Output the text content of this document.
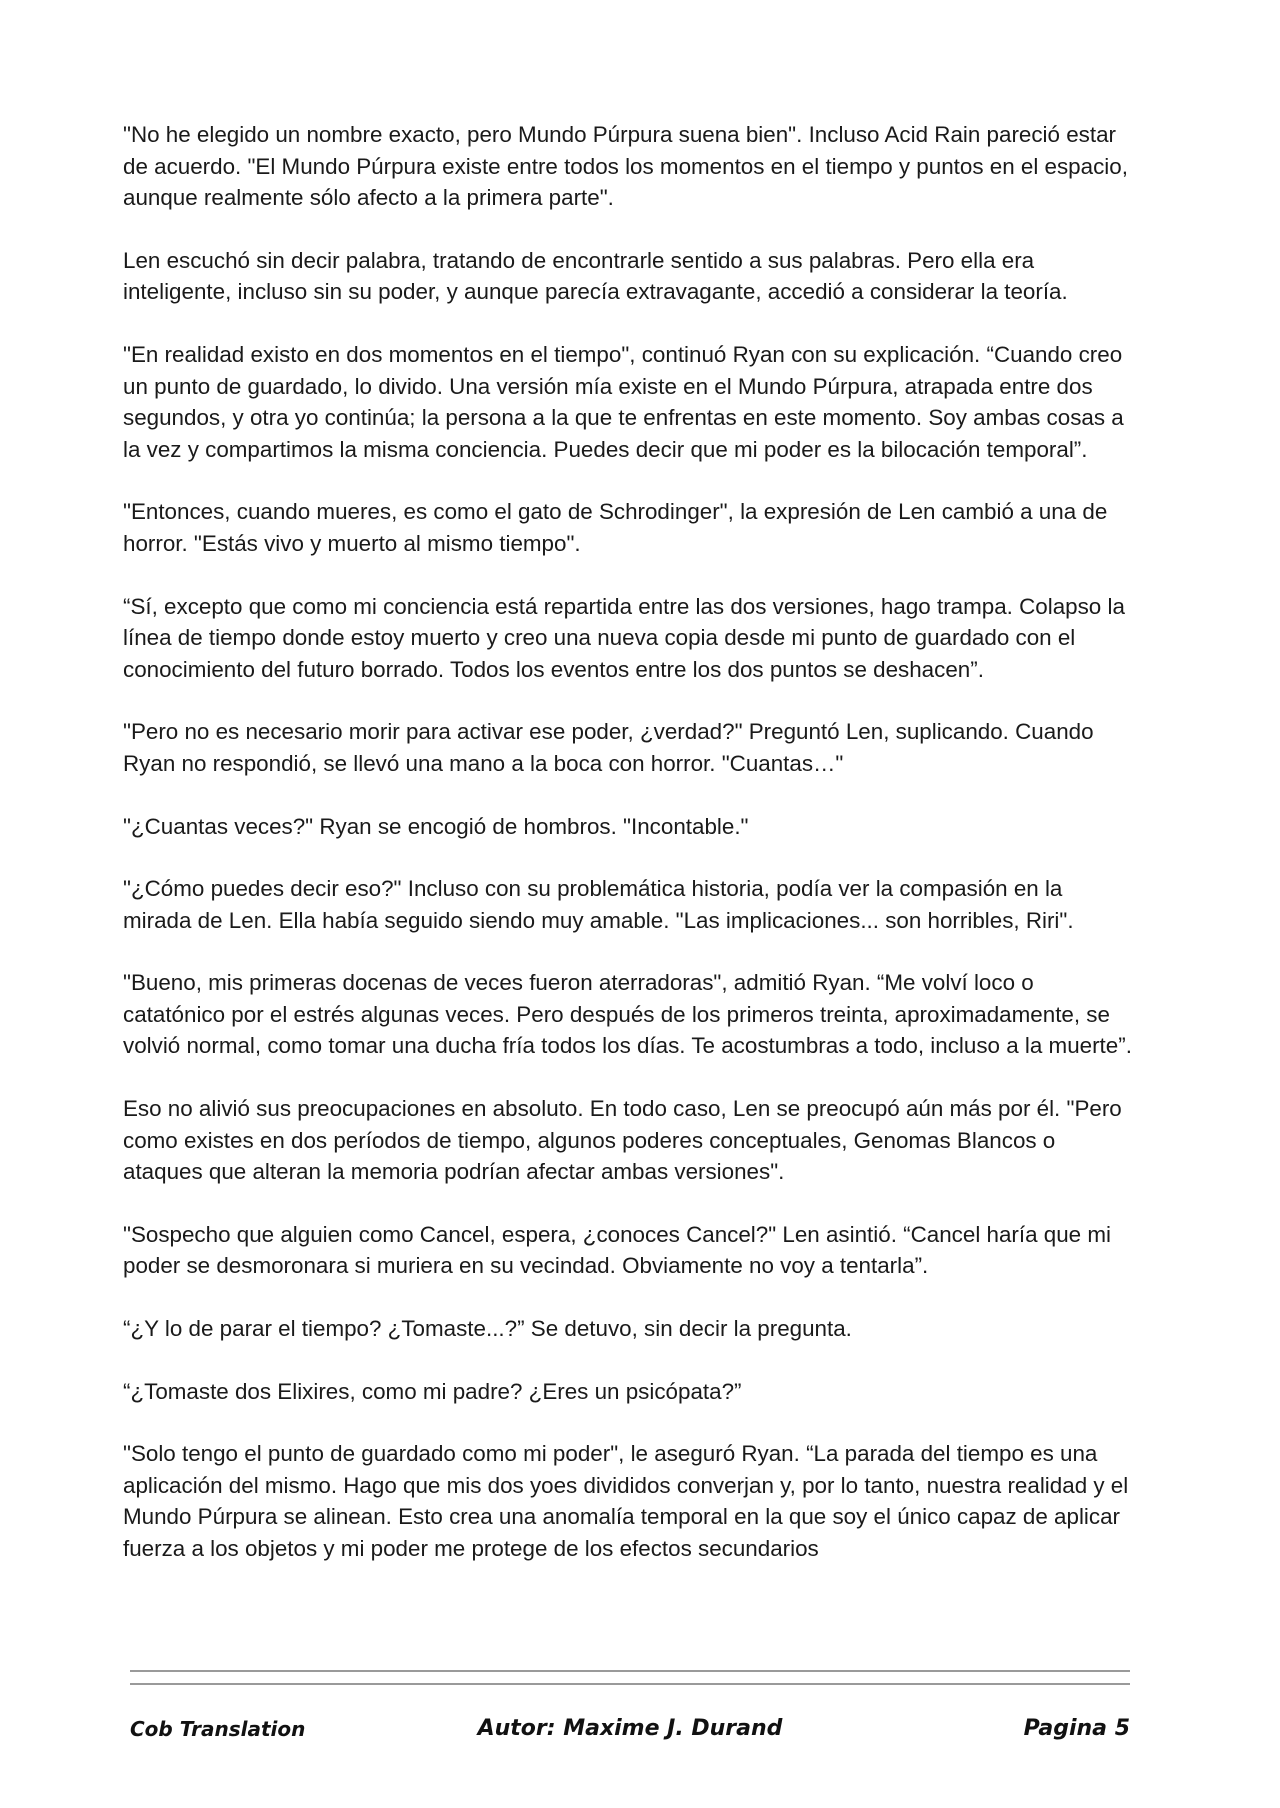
"No he elegido un nombre exacto, pero Mundo Púrpura suena bien". Incluso Acid Rain pareció estar de acuerdo. "El Mundo Púrpura existe entre todos los momentos en el tiempo y puntos en el espacio, aunque realmente sólo afecto a la primera parte".

Len escuchó sin decir palabra, tratando de encontrarle sentido a sus palabras. Pero ella era inteligente, incluso sin su poder, y aunque parecía extravagante, accedió a considerar la teoría.

"En realidad existo en dos momentos en el tiempo", continuó Ryan con su explicación. “Cuando creo un punto de guardado, lo divido. Una versión mía existe en el Mundo Púrpura, atrapada entre dos segundos, y otra yo continúa; la persona a la que te enfrentas en este momento. Soy ambas cosas a la vez y compartimos la misma conciencia. Puedes decir que mi poder es la bilocación temporal”.

"Entonces, cuando mueres, es como el gato de Schrodinger", la expresión de Len cambió a una de horror. "Estás vivo y muerto al mismo tiempo".

“Sí, excepto que como mi conciencia está repartida entre las dos versiones, hago trampa. Colapso la línea de tiempo donde estoy muerto y creo una nueva copia desde mi punto de guardado con el conocimiento del futuro borrado. Todos los eventos entre los dos puntos se deshacen”.

"Pero no es necesario morir para activar ese poder, ¿verdad?" Preguntó Len, suplicando. Cuando Ryan no respondió, se llevó una mano a la boca con horror. "Cuantas…"

"¿Cuantas veces?" Ryan se encogió de hombros. "Incontable."

"¿Cómo puedes decir eso?" Incluso con su problemática historia, podía ver la compasión en la mirada de Len. Ella había seguido siendo muy amable. "Las implicaciones... son horribles, Riri".

"Bueno, mis primeras docenas de veces fueron aterradoras", admitió Ryan. “Me volví loco o catatónico por el estrés algunas veces. Pero después de los primeros treinta, aproximadamente, se volvió normal, como tomar una ducha fría todos los días. Te acostumbras a todo, incluso a la muerte”.

Eso no alivió sus preocupaciones en absoluto. En todo caso, Len se preocupó aún más por él. "Pero como existes en dos períodos de tiempo, algunos poderes conceptuales, Genomas Blancos o ataques que alteran la memoria podrían afectar ambas versiones".

"Sospecho que alguien como Cancel, espera, ¿conoces Cancel?" Len asintió. “Cancel haría que mi poder se desmoronara si muriera en su vecindad. Obviamente no voy a tentarla”.

“¿Y lo de parar el tiempo? ¿Tomaste...?” Se detuvo, sin decir la pregunta.

“¿Tomaste dos Elixires, como mi padre? ¿Eres un psicópata?”

"Solo tengo el punto de guardado como mi poder", le aseguró Ryan. “La parada del tiempo es una aplicación del mismo. Hago que mis dos yoes divididos converjan y, por lo tanto, nuestra realidad y el Mundo Púrpura se alinean. Esto crea una anomalía temporal en la que soy el único capaz de aplicar fuerza a los objetos y mi poder me protege de los efectos secundarios

Cob Translation	Autor: Maxime J. Durand	Pagina 5
